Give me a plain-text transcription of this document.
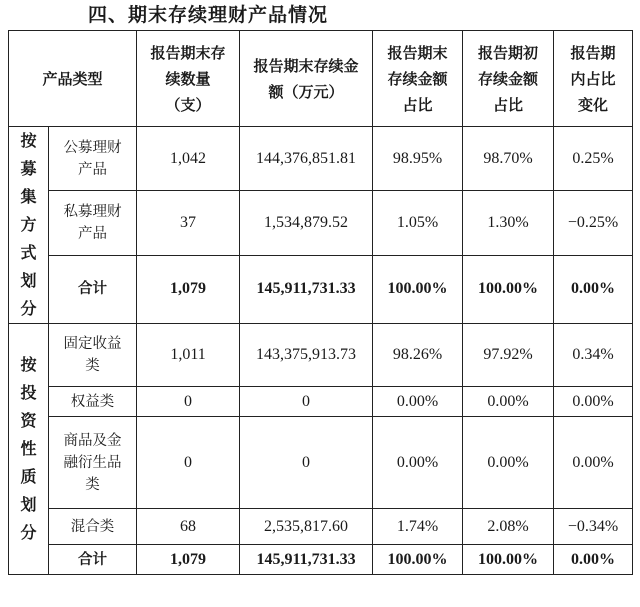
四、期末存续理财产品情况
产品类型		报告期末存续数量（支）	报告期末存续金额（万元）	报告期末存续金额占比	报告期初存续金额占比	报告期内占比变化

按募集方式划分	公募理财产品	1,042	144,376,851.81	98.95%	98.70%	0.25%

	私募理财产品	37	1,534,879.52	1.05%	1.30%	−0.25%
	合计	1,079	145,911,731.33	100.00%	100.00%	0.00%

按投资性质划分	固定收益类	1,011	143,375,913.73	98.26%	97.92%	0.34%
	权益类	0	0	0.00%	0.00%	0.00%

	商品及金融衍生品类	0	0	0.00%	0.00%	0.00%
	混合类	68	2,535,817.60	1.74%	2.08%	−0.34%
	合计	1,079	145,911,731.33	100.00%	100.00%	0.00%
